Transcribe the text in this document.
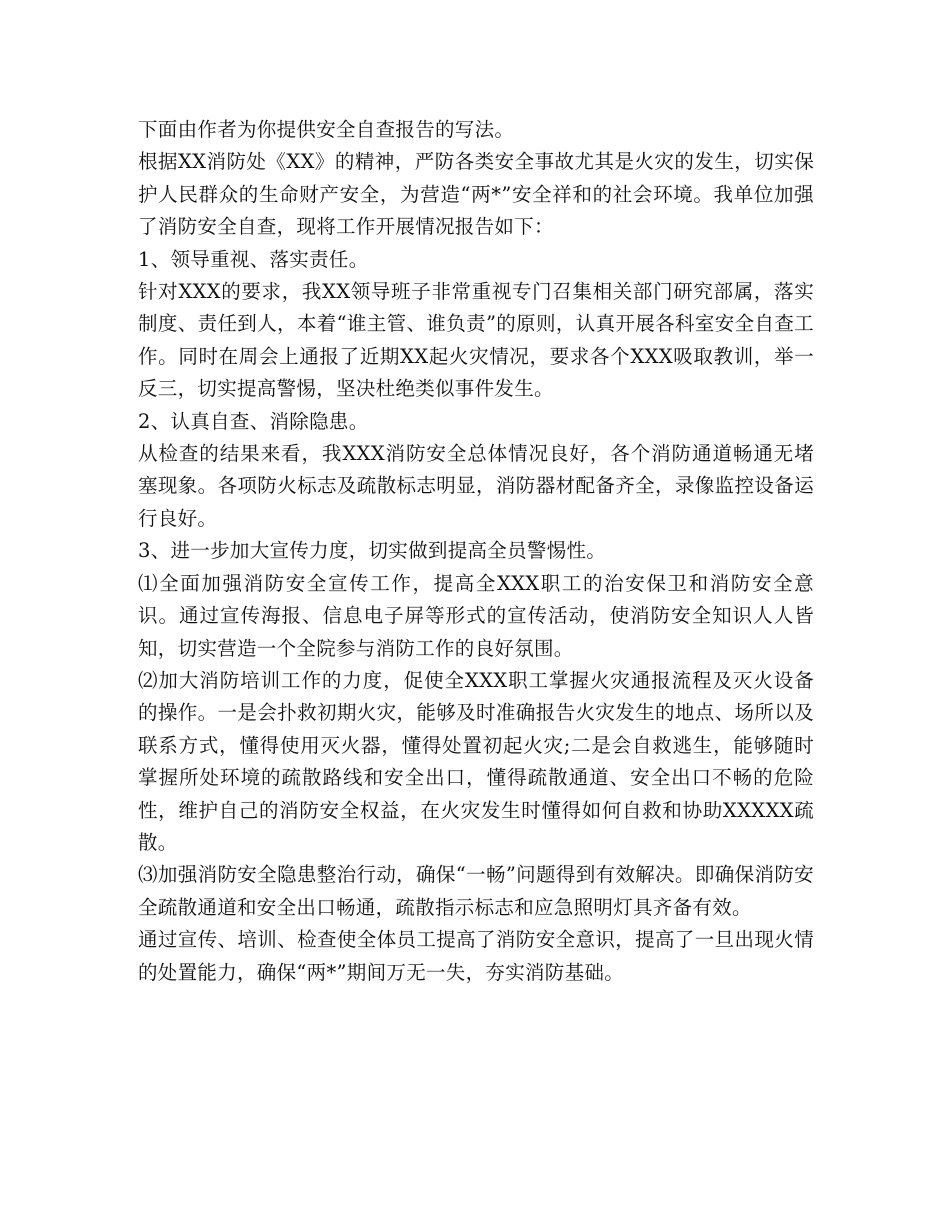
下面由作者为你提供安全自查报告的写法。

根据XX消防处《XX》的精神，严防各类安全事故尤其是火灾的发生，切实保护人民群众的生命财产安全，为营造“两*”安全祥和的社会环境。我单位加强了消防安全自查，现将工作开展情况报告如下：

1、领导重视、落实责任。

针对XXX的要求，我XX领导班子非常重视专门召集相关部门研究部属，落实制度、责任到人，本着“谁主管、谁负责”的原则，认真开展各科室安全自查工作。同时在周会上通报了近期XX起火灾情况，要求各个XXX吸取教训，举一反三，切实提高警惕，坚决杜绝类似事件发生。

2、认真自查、消除隐患。

从检查的结果来看，我XXX消防安全总体情况良好，各个消防通道畅通无堵塞现象。各项防火标志及疏散标志明显，消防器材配备齐全，录像监控设备运行良好。

3、进一步加大宣传力度，切实做到提高全员警惕性。

⑴全面加强消防安全宣传工作，提高全XXX职工的治安保卫和消防安全意识。通过宣传海报、信息电子屏等形式的宣传活动，使消防安全知识人人皆知，切实营造一个全院参与消防工作的良好氛围。

⑵加大消防培训工作的力度，促使全XXX职工掌握火灾通报流程及灭火设备的操作。一是会扑救初期火灾，能够及时准确报告火灾发生的地点、场所以及联系方式，懂得使用灭火器，懂得处置初起火灾;二是会自救逃生，能够随时掌握所处环境的疏散路线和安全出口，懂得疏散通道、安全出口不畅的危险性，维护自己的消防安全权益，在火灾发生时懂得如何自救和协助XXXXX疏散。

⑶加强消防安全隐患整治行动，确保“一畅”问题得到有效解决。即确保消防安全疏散通道和安全出口畅通，疏散指示标志和应急照明灯具齐备有效。

通过宣传、培训、检查使全体员工提高了消防安全意识，提高了一旦出现火情的处置能力，确保“两*”期间万无一失，夯实消防基础。
